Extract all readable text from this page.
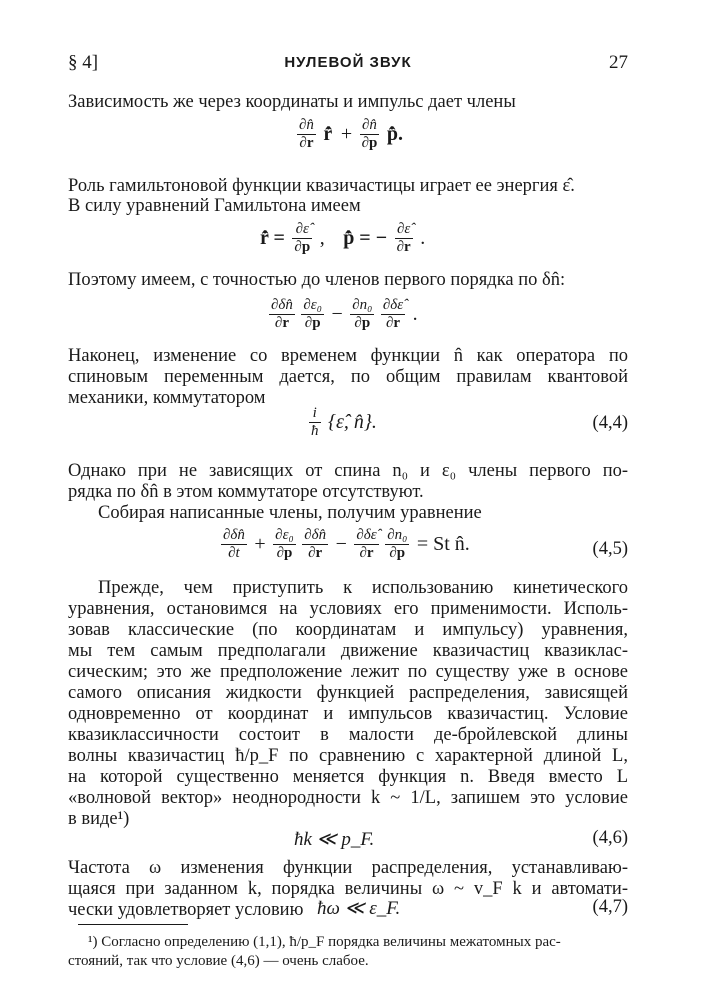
§ 4]	НУЛЕВОЙ ЗВУК	27
Зависимость же через координаты и импульс дает члены
$\frac{\partial n̂}{\partial r}$ r̂̇ + $\frac{\partial n̂}{\partial p}$ p̂̇.
Роль гамильтоновой функции квазичастицы играет ее энергия ε̂.
В силу уравнений Гамильтона имеем
r̂̇ = $\frac{\partial\varepsilon̂}{\partial p}$ , p̂̇ = − $\frac{\partial\varepsilon̂}{\partial r}$ .
Поэтому имеем, с точностью до членов первого порядка по δn̂:
$\frac{\partial\delta n̂}{\partial r}$
$\frac{\text{∂ε₀}}{\partial p} - \frac{\text{∂n₀}}{\partial p}$
$\frac{\partial\delta\varepsilon̂}{\partial r}$ .
Наконец, изменение со временем функции n̂ как оператора по
спиновым переменным дается, по общим правилам квантовой
механики, коммутатором
$\frac{i}{ħ}$ {ε̂, n̂}.	(4,4)
Однако при не зависящих от спина n₀ и ε₀ члены первого по-
рядка по δn̂ в этом коммутаторе отсутствуют.
Собирая написанные члены, получим уравнение
$\frac{\partial\delta n̂}{\partial t} + \frac{\text{∂ε₀}}{\partial p}$
$\frac{\partial\delta n̂}{\partial r} - \frac{\partial\delta\varepsilon̂}{\partial r}$
$\frac{\text{∂n₀}}{\partial p} = St$ n̂.	(4,5)
Прежде, чем приступить к использованию кинетического
уравнения, остановимся на условиях его применимости. Исполь-
зовав классические (по координатам и импульсу) уравнения,
мы тем самым предполагали движение квазичастиц квазиклас-
сическим; это же предположение лежит по существу уже в основе
самого описания жидкости функцией распределения, зависящей
одновременно от координат и импульсов квазичастиц. Условие
квазиклассичности состоит в малости де-бройлевской длины
волны квазичастиц ħ/p_F по сравнению с характерной длиной L,
на которой существенно меняется функция n. Введя вместо L
«волновой вектор» неоднородности k ~ 1/L, запишем это условие
в виде¹)
ħk ≪ p_F.	(4,6)
Частота ω изменения функции распределения, устанавливаю-
щаяся при заданном k, порядка величины ω ~ v_F k и автомати-
чески удовлетворяет условию ħω ≪ ε_F.	(4,7)
¹) Согласно определению (1,1), ħ/p_F порядка величины межатомных рас-
стояний, так что условие (4,6) — очень слабое.
